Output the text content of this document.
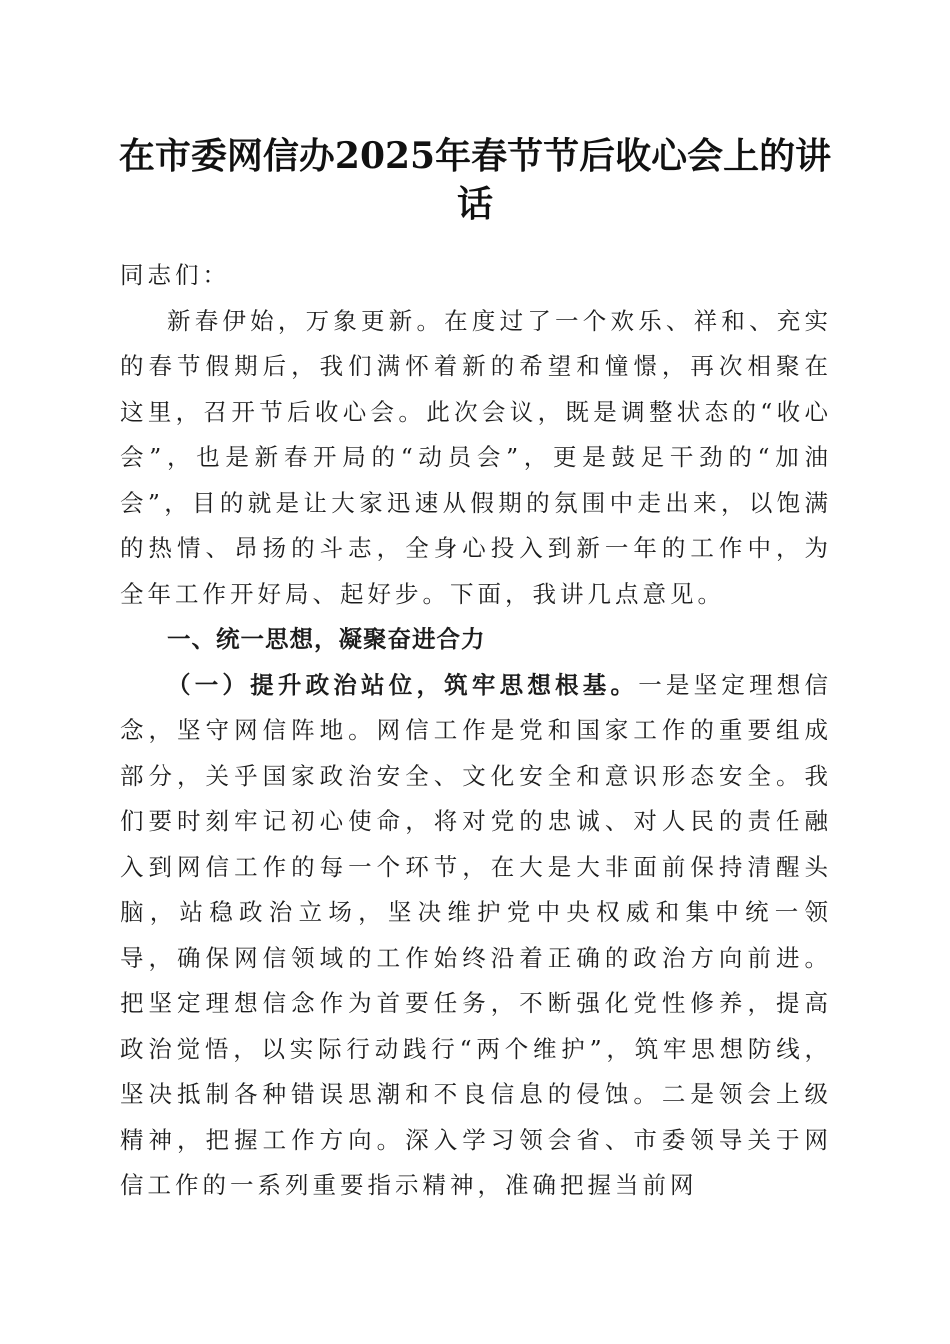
在市委网信办2025年春节节后收心会上的讲话

同志们：

新春伊始，万象更新。在度过了一个欢乐、祥和、充实的春节假期后，我们满怀着新的希望和憧憬，再次相聚在这里，召开节后收心会。此次会议，既是调整状态的“收心会”，也是新春开局的“动员会”，更是鼓足干劲的“加油会”，目的就是让大家迅速从假期的氛围中走出来，以饱满的热情、昂扬的斗志，全身心投入到新一年的工作中，为全年工作开好局、起好步。下面，我讲几点意见。

一、统一思想，凝聚奋进合力

（一）提升政治站位，筑牢思想根基。一是坚定理想信念，坚守网信阵地。网信工作是党和国家工作的重要组成部分，关乎国家政治安全、文化安全和意识形态安全。我们要时刻牢记初心使命，将对党的忠诚、对人民的责任融入到网信工作的每一个环节，在大是大非面前保持清醒头脑，站稳政治立场，坚决维护党中央权威和集中统一领导，确保网信领域的工作始终沿着正确的政治方向前进。把坚定理想信念作为首要任务，不断强化党性修养，提高政治觉悟，以实际行动践行“两个维护”，筑牢思想防线，坚决抵制各种错误思潮和不良信息的侵蚀。二是领会上级精神，把握工作方向。深入学习领会省、市委领导关于网信工作的一系列重要指示精神，准确把握当前网
